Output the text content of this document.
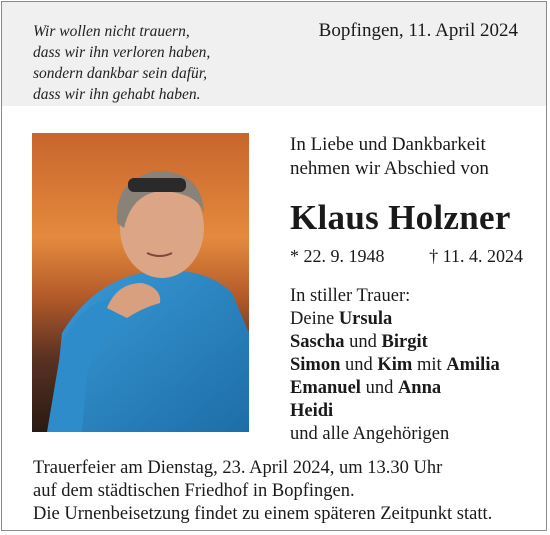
Wir wollen nicht trauern,
dass wir ihn verloren haben,
sondern dankbar sein dafür,
dass wir ihn gehabt haben.
Bopfingen, 11. April 2024
In Liebe und Dankbarkeit
nehmen wir Abschied von
Klaus Holzner
* 22. 9. 1948 † 11. 4. 2024
In stiller Trauer:
Deine Ursula
Sascha und Birgit
Simon und Kim mit Amilia
Emanuel und Anna
Heidi
und alle Angehörigen
Trauerfeier am Dienstag, 23. April 2024, um 13.30 Uhr
auf dem städtischen Friedhof in Bopfingen.
Die Urnenbeisetzung findet zu einem späteren Zeitpunkt statt.
